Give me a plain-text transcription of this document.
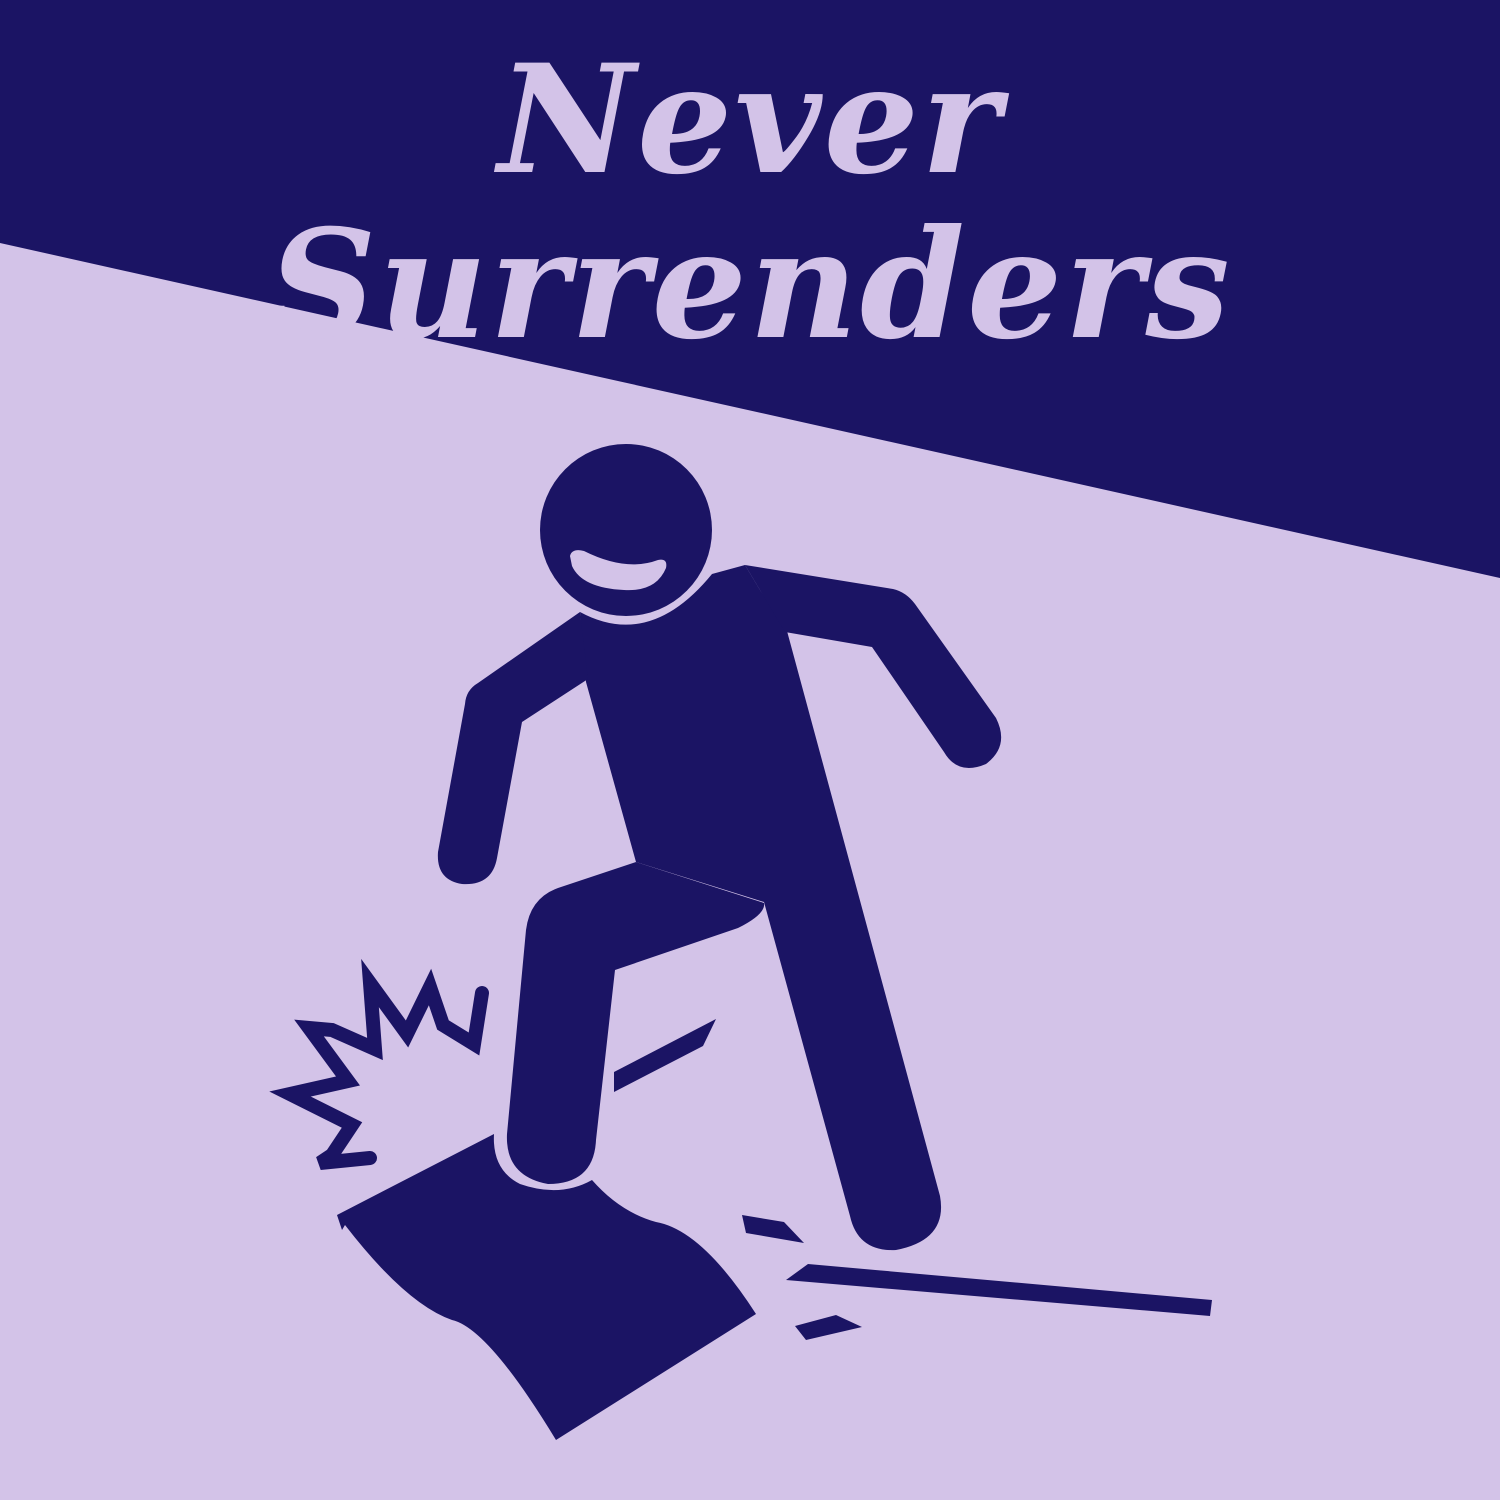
Never Surrenders
